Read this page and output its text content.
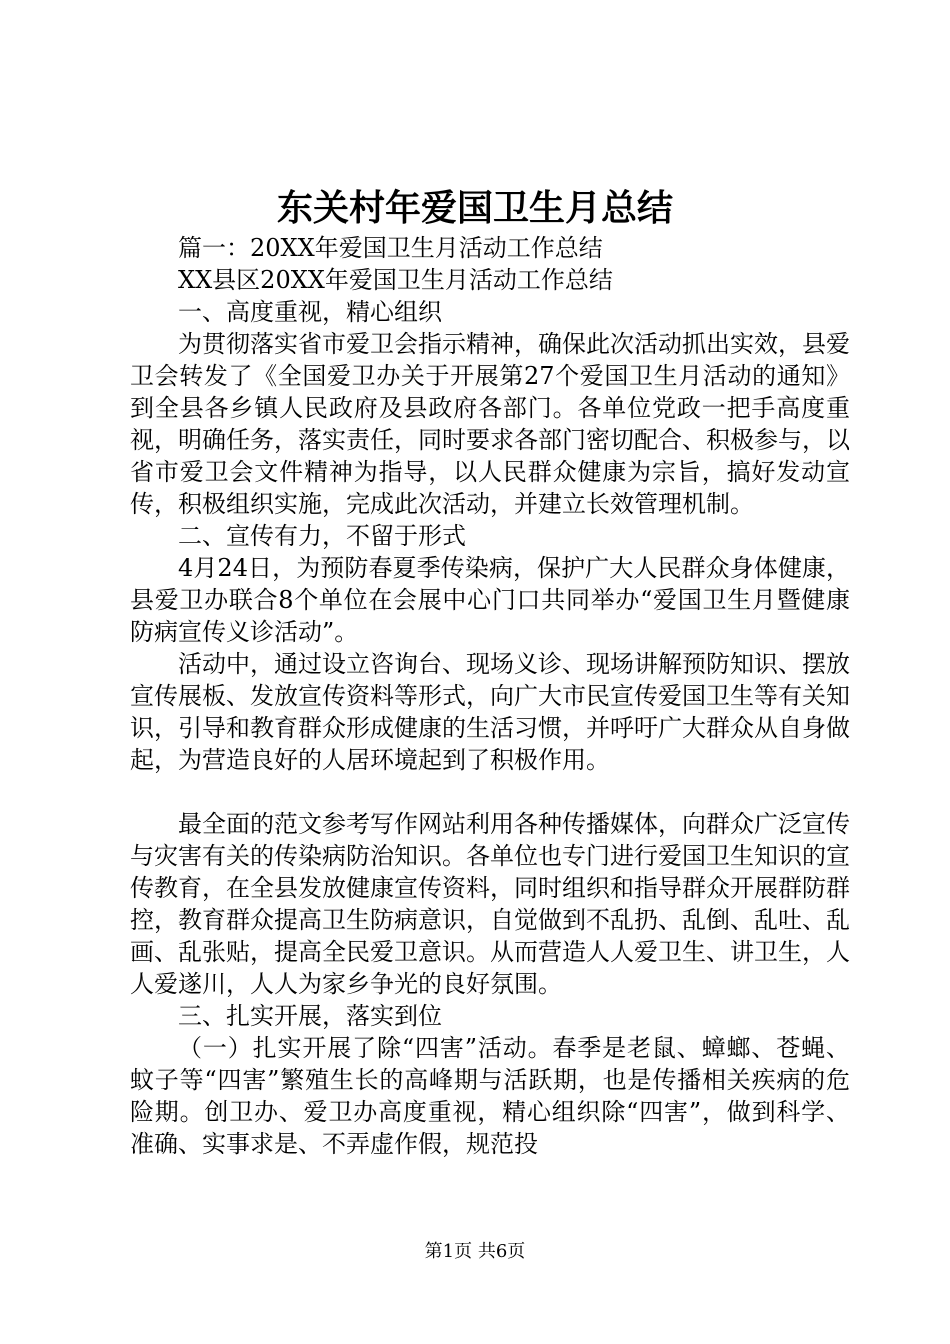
东关村年爱国卫生月总结

篇一：20XX年爱国卫生月活动工作总结

XX县区20XX年爱国卫生月活动工作总结

一、高度重视，精心组织

为贯彻落实省市爱卫会指示精神，确保此次活动抓出实效，县爱卫会转发了《全国爱卫办关于开展第27个爱国卫生月活动的通知》到全县各乡镇人民政府及县政府各部门。各单位党政一把手高度重视，明确任务，落实责任，同时要求各部门密切配合、积极参与，以省市爱卫会文件精神为指导，以人民群众健康为宗旨，搞好发动宣传，积极组织实施，完成此次活动，并建立长效管理机制。

二、宣传有力，不留于形式

4月24日，为预防春夏季传染病，保护广大人民群众身体健康，县爱卫办联合8个单位在会展中心门口共同举办“爱国卫生月暨健康防病宣传义诊活动”。

活动中，通过设立咨询台、现场义诊、现场讲解预防知识、摆放宣传展板、发放宣传资料等形式，向广大市民宣传爱国卫生等有关知识，引导和教育群众形成健康的生活习惯，并呼吁广大群众从自身做起，为营造良好的人居环境起到了积极作用。

最全面的范文参考写作网站利用各种传播媒体，向群众广泛宣传与灾害有关的传染病防治知识。各单位也专门进行爱国卫生知识的宣传教育，在全县发放健康宣传资料，同时组织和指导群众开展群防群控，教育群众提高卫生防病意识，自觉做到不乱扔、乱倒、乱吐、乱画、乱张贴，提高全民爱卫意识。从而营造人人爱卫生、讲卫生，人人爱遂川，人人为家乡争光的良好氛围。

三、扎实开展，落实到位

（一）扎实开展了除“四害”活动。春季是老鼠、蟑螂、苍蝇、蚊子等“四害”繁殖生长的高峰期与活跃期，也是传播相关疾病的危险期。创卫办、爱卫办高度重视，精心组织除“四害”，做到科学、准确、实事求是、不弄虚作假，规范投

第1页 共6页
